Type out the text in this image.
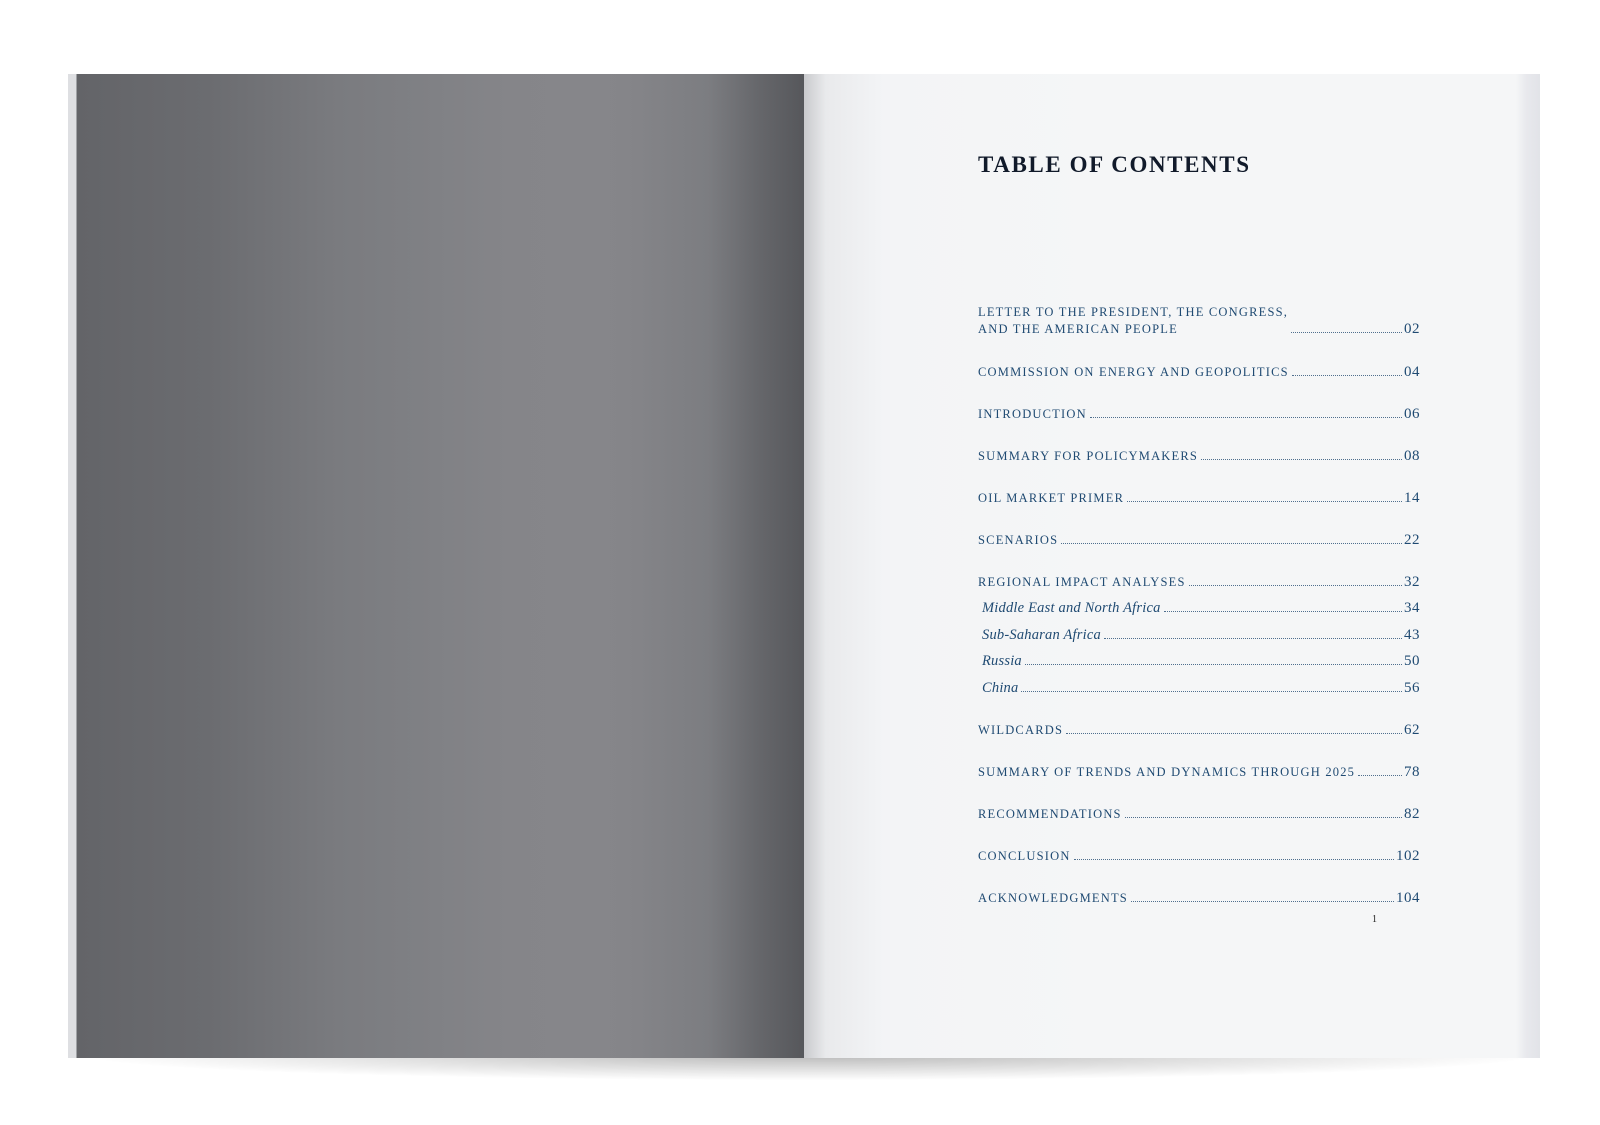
TABLE OF CONTENTS
LETTER TO THE PRESIDENT, THE CONGRESS,
AND THE AMERICAN PEOPLE	02
COMMISSION ON ENERGY AND GEOPOLITICS	04
INTRODUCTION	06
SUMMARY FOR POLICYMAKERS	08
OIL MARKET PRIMER	14
SCENARIOS	22
REGIONAL IMPACT ANALYSES	32
Middle East and North Africa	34
Sub-Saharan Africa	43
Russia	50
China	56
WILDCARDS	62
SUMMARY OF TRENDS AND DYNAMICS THROUGH 2025	78
RECOMMENDATIONS	82
CONCLUSION	102
ACKNOWLEDGMENTS	104
1
